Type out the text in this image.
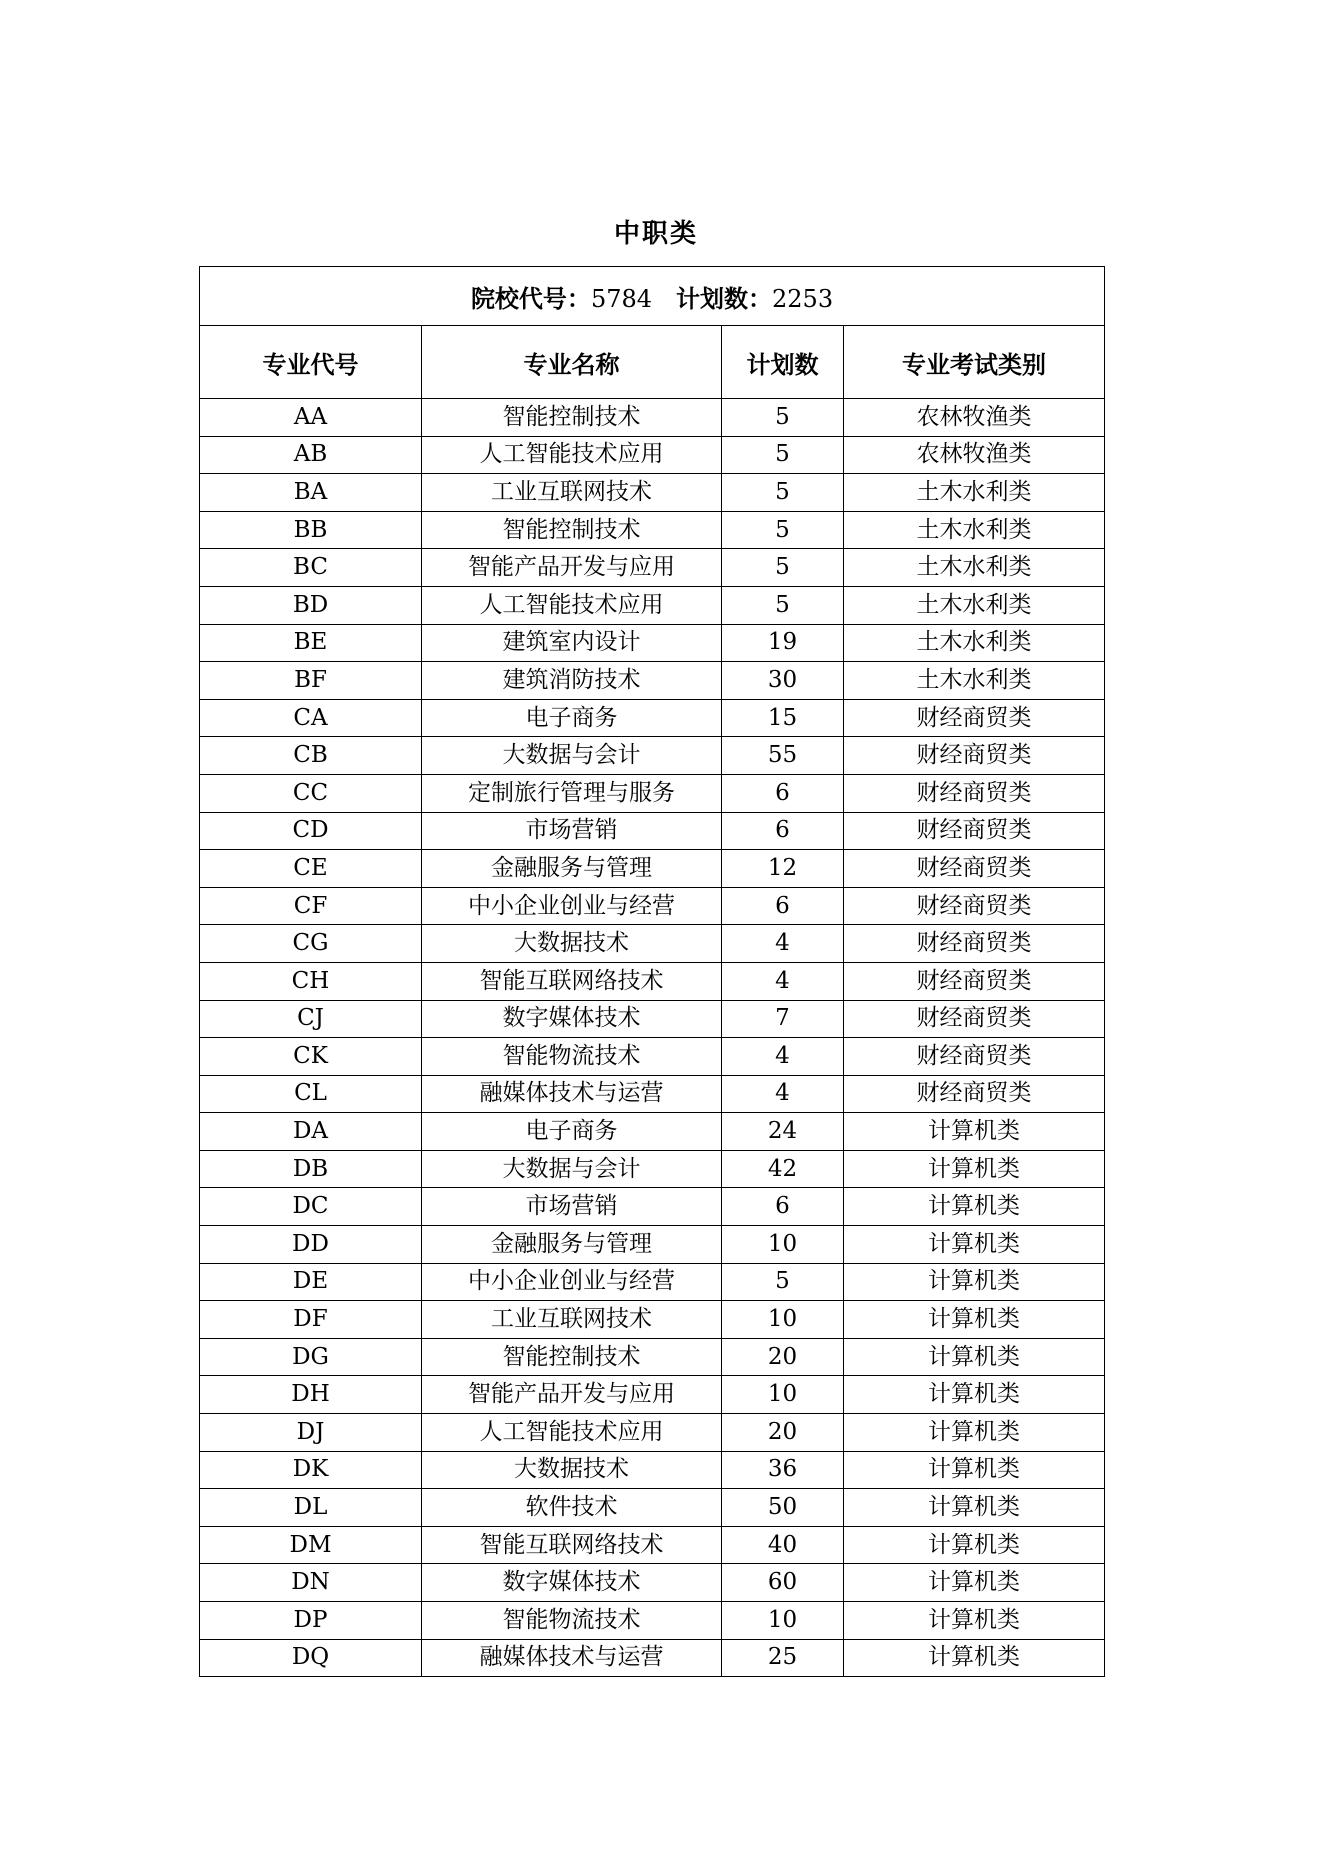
中职类
院校代号：5784 计划数：2253			
专业代号	专业名称	计划数	专业考试类别
AA	智能控制技术	5	农林牧渔类
AB	人工智能技术应用	5	农林牧渔类
BA	工业互联网技术	5	土木水利类
BB	智能控制技术	5	土木水利类
BC	智能产品开发与应用	5	土木水利类
BD	人工智能技术应用	5	土木水利类
BE	建筑室内设计	19	土木水利类
BF	建筑消防技术	30	土木水利类
CA	电子商务	15	财经商贸类
CB	大数据与会计	55	财经商贸类
CC	定制旅行管理与服务	6	财经商贸类
CD	市场营销	6	财经商贸类
CE	金融服务与管理	12	财经商贸类
CF	中小企业创业与经营	6	财经商贸类
CG	大数据技术	4	财经商贸类
CH	智能互联网络技术	4	财经商贸类
CJ	数字媒体技术	7	财经商贸类
CK	智能物流技术	4	财经商贸类
CL	融媒体技术与运营	4	财经商贸类
DA	电子商务	24	计算机类
DB	大数据与会计	42	计算机类
DC	市场营销	6	计算机类
DD	金融服务与管理	10	计算机类
DE	中小企业创业与经营	5	计算机类
DF	工业互联网技术	10	计算机类
DG	智能控制技术	20	计算机类
DH	智能产品开发与应用	10	计算机类
DJ	人工智能技术应用	20	计算机类
DK	大数据技术	36	计算机类
DL	软件技术	50	计算机类
DM	智能互联网络技术	40	计算机类
DN	数字媒体技术	60	计算机类
DP	智能物流技术	10	计算机类
DQ	融媒体技术与运营	25	计算机类
